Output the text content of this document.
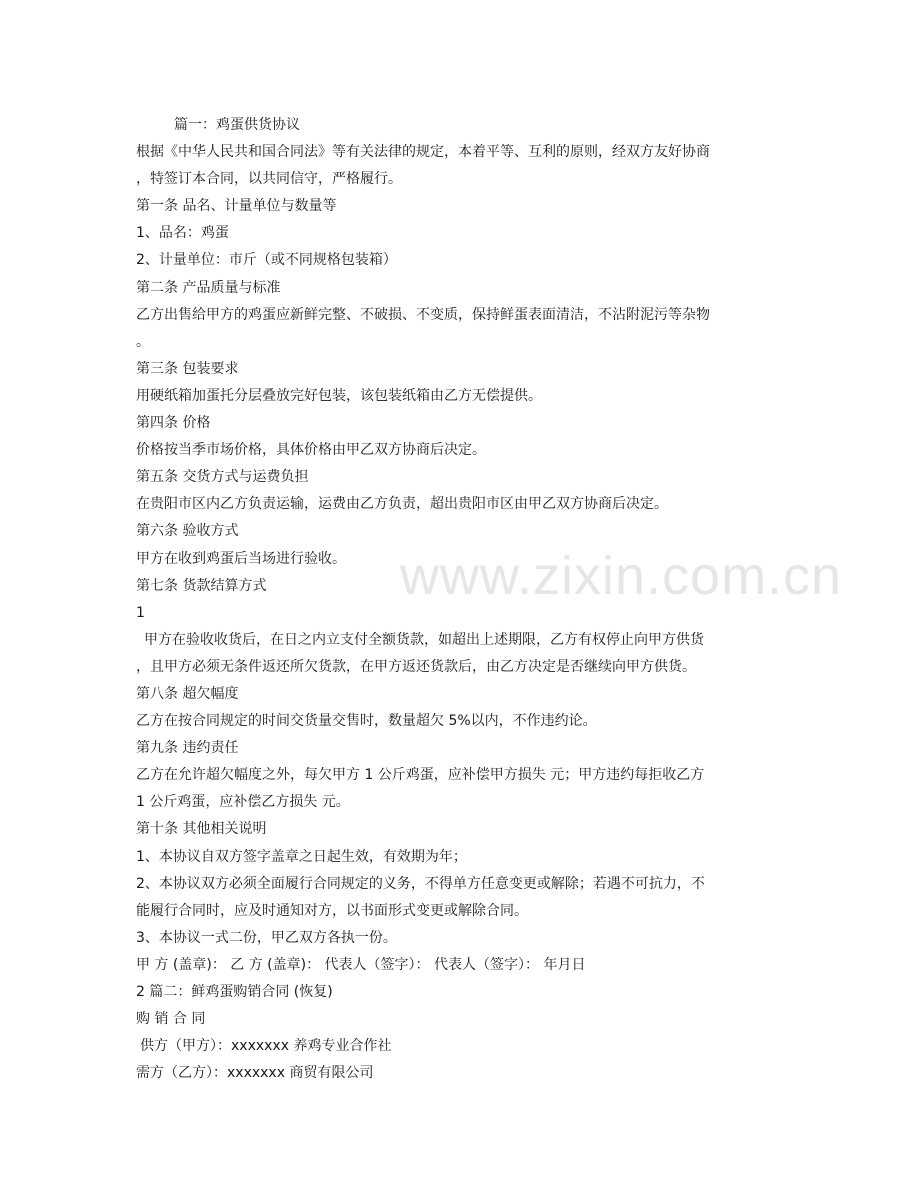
www.zixin.com.cn
篇一：鸡蛋供货协议
根据《中华人民共和国合同法》等有关法律的规定，本着平等、互利的原则，经双方友好协商
，特签订本合同，以共同信守，严格履行。
第一条 品名、计量单位与数量等
1、品名：鸡蛋
2、计量单位：市斤（或不同规格包装箱）
第二条 产品质量与标准
乙方出售给甲方的鸡蛋应新鲜完整、不破损、不变质，保持鲜蛋表面清洁，不沾附泥污等杂物
。
第三条 包装要求
用硬纸箱加蛋托分层叠放完好包装，该包装纸箱由乙方无偿提供。
第四条 价格
价格按当季市场价格，具体价格由甲乙双方协商后决定。
第五条 交货方式与运费负担
在贵阳市区内乙方负责运输，运费由乙方负责，超出贵阳市区由甲乙双方协商后决定。
第六条 验收方式
甲方在收到鸡蛋后当场进行验收。
第七条 货款结算方式
1
甲方在验收收货后，在日之内立支付全额货款，如超出上述期限，乙方有权停止向甲方供货
，且甲方必须无条件返还所欠货款，在甲方返还货款后，由乙方决定是否继续向甲方供货。
第八条 超欠幅度
乙方在按合同规定的时间交货量交售时，数量超欠 5%以内，不作违约论。
第九条 违约责任
乙方在允许超欠幅度之外，每欠甲方 1 公斤鸡蛋，应补偿甲方损失 元；甲方违约每拒收乙方
1 公斤鸡蛋，应补偿乙方损失 元。
第十条 其他相关说明
1、本协议自双方签字盖章之日起生效，有效期为年；
2、本协议双方必须全面履行合同规定的义务，不得单方任意变更或解除；若遇不可抗力，不
能履行合同时，应及时通知对方，以书面形式变更或解除合同。
3、本协议一式二份，甲乙双方各执一份。
甲 方 (盖章)： 乙 方 (盖章)： 代表人（签字）： 代表人（签字）： 年月日
2 篇二：鲜鸡蛋购销合同 (恢复)
购 销 合 同
供方（甲方）：xxxxxxx 养鸡专业合作社
需方（乙方）：xxxxxxx 商贸有限公司
